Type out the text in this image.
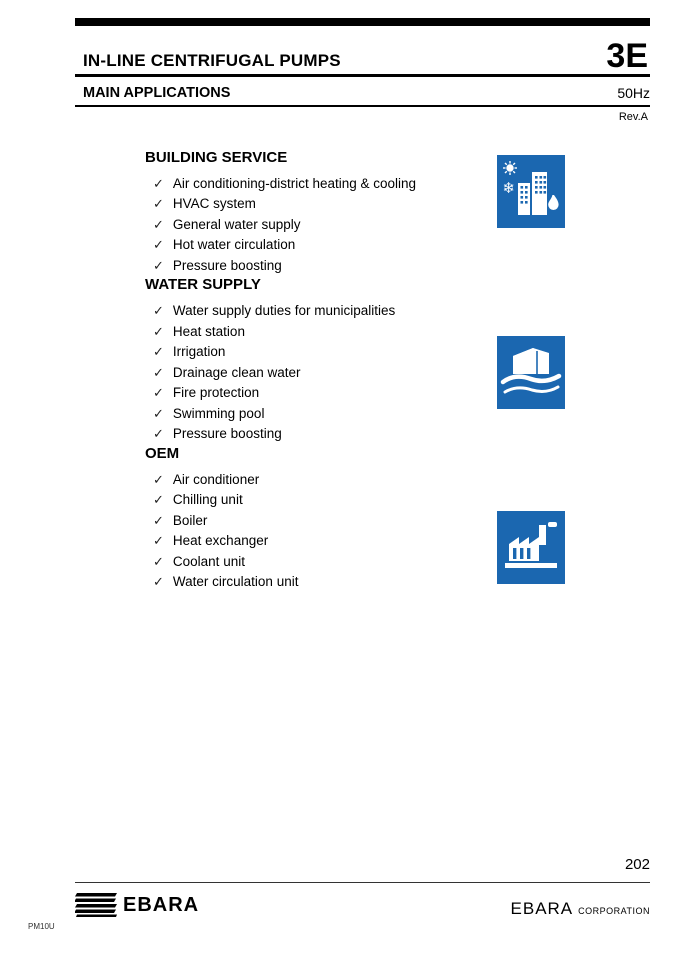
IN-LINE CENTRIFUGAL PUMPS	3E
MAIN APPLICATIONS	50Hz
Rev.A
BUILDING SERVICE
✓ Air conditioning-district heating & cooling
✓ HVAC system
✓ General water supply
✓ Hot water circulation
✓ Pressure boosting
WATER SUPPLY
✓ Water supply duties for municipalities
✓ Heat station
✓ Irrigation
✓ Drainage clean water
✓ Fire protection
✓ Swimming pool
✓ Pressure boosting
OEM
✓ Air conditioner
✓ Chilling unit
✓ Boiler
✓ Heat exchanger
✓ Coolant unit
✓ Water circulation unit
❄
202
EBARA	EBARA CORPORATION
PM10U
